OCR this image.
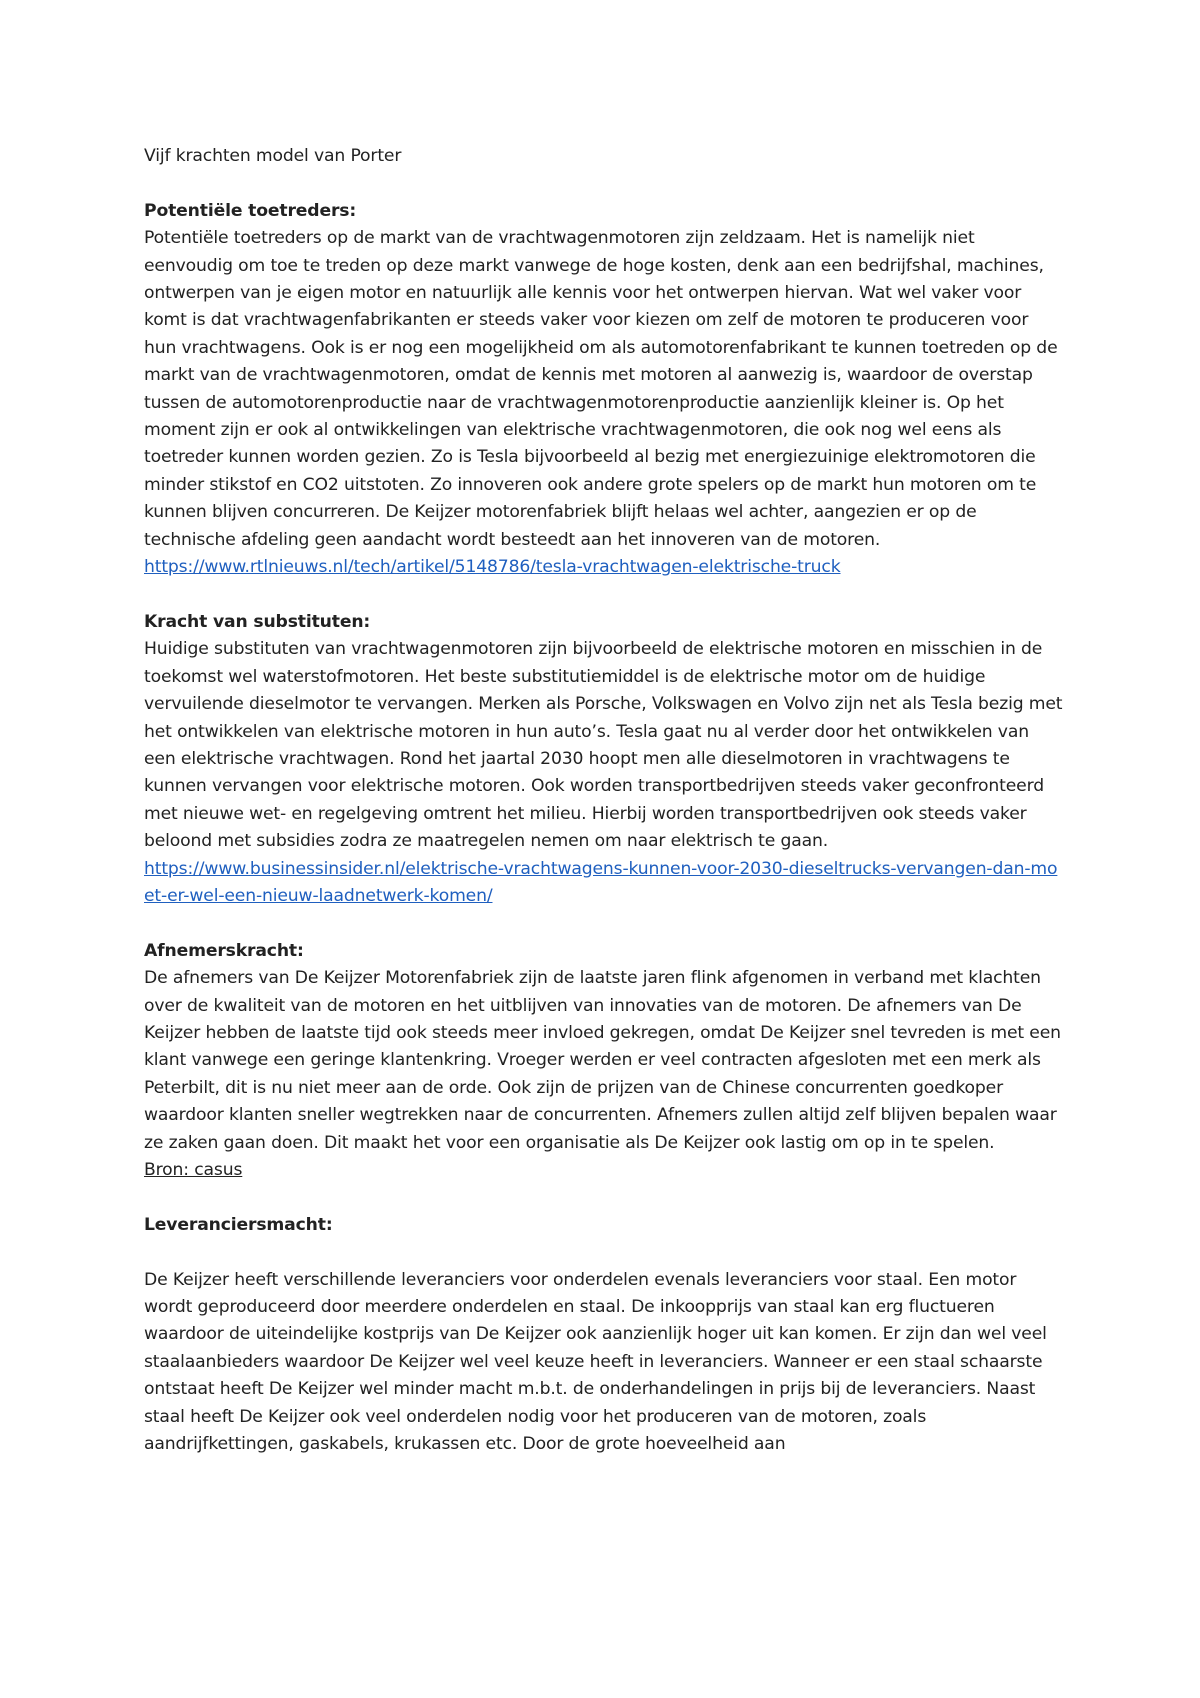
Vijf krachten model van Porter

Potentiële toetreders:

Potentiële toetreders op de markt van de vrachtwagenmotoren zijn zeldzaam. Het is namelijk niet eenvoudig om toe te treden op deze markt vanwege de hoge kosten, denk aan een bedrijfshal, machines, ontwerpen van je eigen motor en natuurlijk alle kennis voor het ontwerpen hiervan. Wat wel vaker voor komt is dat vrachtwagenfabrikanten er steeds vaker voor kiezen om zelf de motoren te produceren voor hun vrachtwagens. Ook is er nog een mogelijkheid om als automotorenfabrikant te kunnen toetreden op de markt van de vrachtwagenmotoren, omdat de kennis met motoren al aanwezig is, waardoor de overstap tussen de automotorenproductie naar de vrachtwagenmotorenproductie aanzienlijk kleiner is. Op het moment zijn er ook al ontwikkelingen van elektrische vrachtwagenmotoren, die ook nog wel eens als toetreder kunnen worden gezien. Zo is Tesla bijvoorbeeld al bezig met energiezuinige elektromotoren die minder stikstof en CO2 uitstoten. Zo innoveren ook andere grote spelers op de markt hun motoren om te kunnen blijven concurreren. De Keijzer motorenfabriek blijft helaas wel achter, aangezien er op de technische afdeling geen aandacht wordt besteedt aan het innoveren van de motoren.

https://www.rtlnieuws.nl/tech/artikel/5148786/tesla-vrachtwagen-elektrische-truck

Kracht van substituten:

Huidige substituten van vrachtwagenmotoren zijn bijvoorbeeld de elektrische motoren en misschien in de toekomst wel waterstofmotoren. Het beste substitutiemiddel is de elektrische motor om de huidige vervuilende dieselmotor te vervangen. Merken als Porsche, Volkswagen en Volvo zijn net als Tesla bezig met het ontwikkelen van elektrische motoren in hun auto’s. Tesla gaat nu al verder door het ontwikkelen van een elektrische vrachtwagen. Rond het jaartal 2030 hoopt men alle dieselmotoren in vrachtwagens te kunnen vervangen voor elektrische motoren. Ook worden transportbedrijven steeds vaker geconfronteerd met nieuwe wet- en regelgeving omtrent het milieu. Hierbij worden transportbedrijven ook steeds vaker beloond met subsidies zodra ze maatregelen nemen om naar elektrisch te gaan.

https://www.businessinsider.nl/elektrische-vrachtwagens-kunnen-voor-2030-dieseltrucks-vervangen-dan-moet-er-wel-een-nieuw-laadnetwerk-komen/

Afnemerskracht:

De afnemers van De Keijzer Motorenfabriek zijn de laatste jaren flink afgenomen in verband met klachten over de kwaliteit van de motoren en het uitblijven van innovaties van de motoren. De afnemers van De Keijzer hebben de laatste tijd ook steeds meer invloed gekregen, omdat De Keijzer snel tevreden is met een klant vanwege een geringe klantenkring. Vroeger werden er veel contracten afgesloten met een merk als Peterbilt, dit is nu niet meer aan de orde. Ook zijn de prijzen van de Chinese concurrenten goedkoper waardoor klanten sneller wegtrekken naar de concurrenten. Afnemers zullen altijd zelf blijven bepalen waar ze zaken gaan doen. Dit maakt het voor een organisatie als De Keijzer ook lastig om op in te spelen.

Bron: casus

Leveranciersmacht:

De Keijzer heeft verschillende leveranciers voor onderdelen evenals leveranciers voor staal. Een motor wordt geproduceerd door meerdere onderdelen en staal. De inkoopprijs van staal kan erg fluctueren waardoor de uiteindelijke kostprijs van De Keijzer ook aanzienlijk hoger uit kan komen. Er zijn dan wel veel staalaanbieders waardoor De Keijzer wel veel keuze heeft in leveranciers. Wanneer er een staal schaarste ontstaat heeft De Keijzer wel minder macht m.b.t. de onderhandelingen in prijs bij de leveranciers. Naast staal heeft De Keijzer ook veel onderdelen nodig voor het produceren van de motoren, zoals aandrijfkettingen, gaskabels, krukassen etc. Door de grote hoeveelheid aan
